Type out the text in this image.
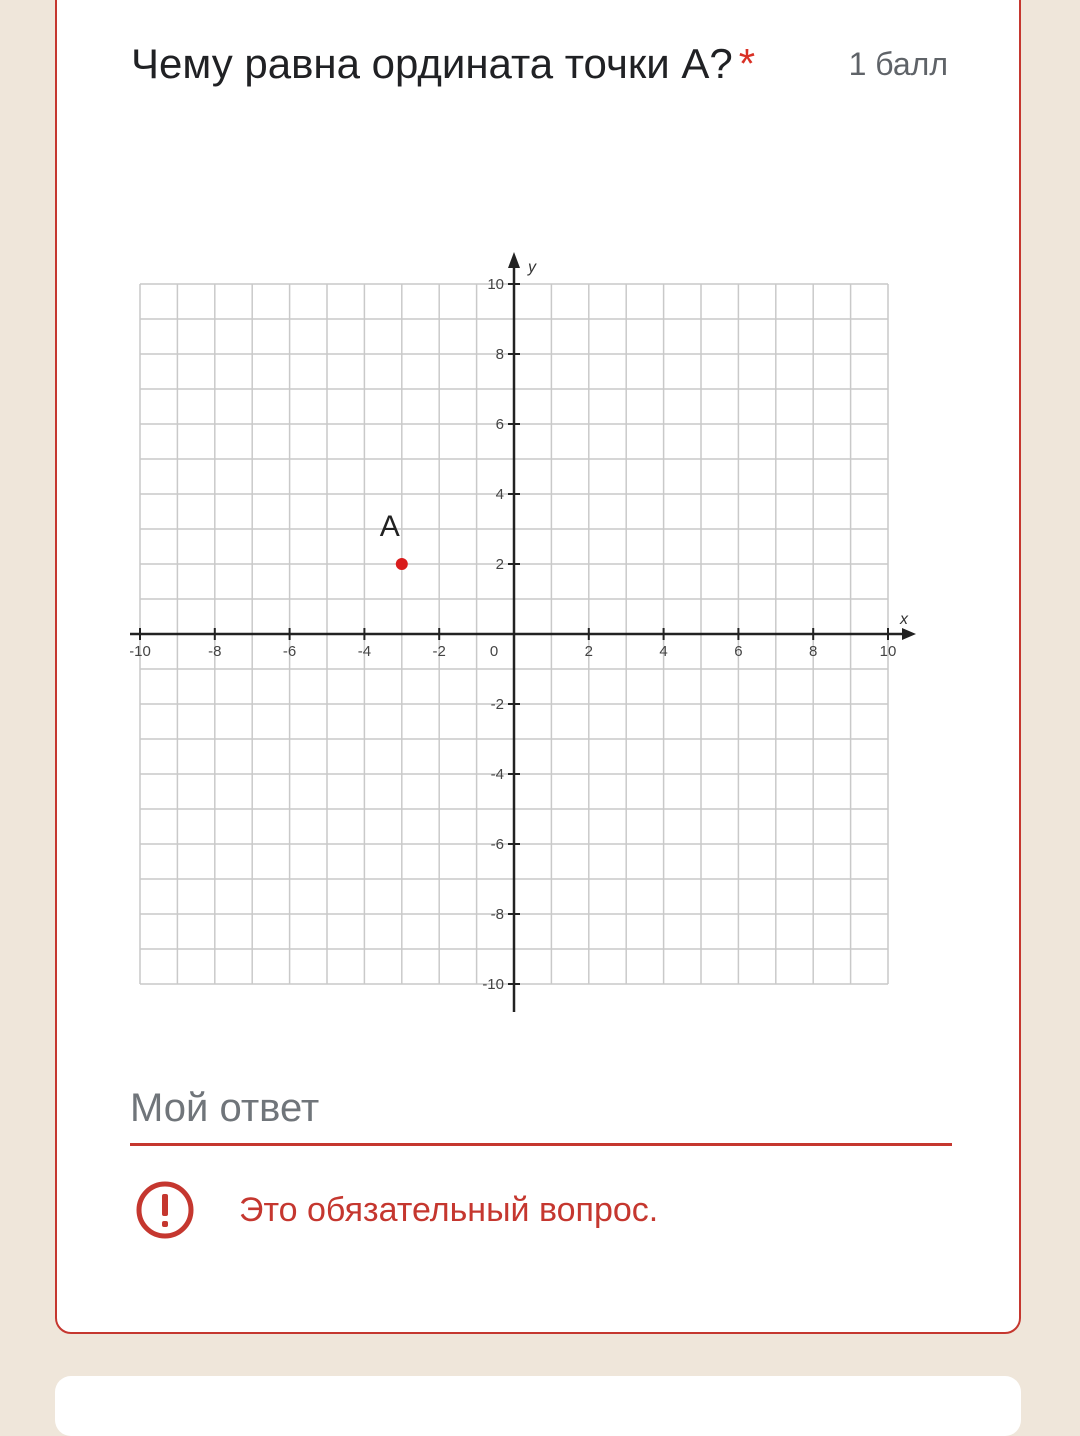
Чему равна ордината точки А? *	1 балл
x
y
-10	-8	-6	-4	-2	2	4	6	8	10
10
8
6
4
2
-2
-4
-6
-8
-10
0
A
Мой ответ
Это обязательный вопрос.
